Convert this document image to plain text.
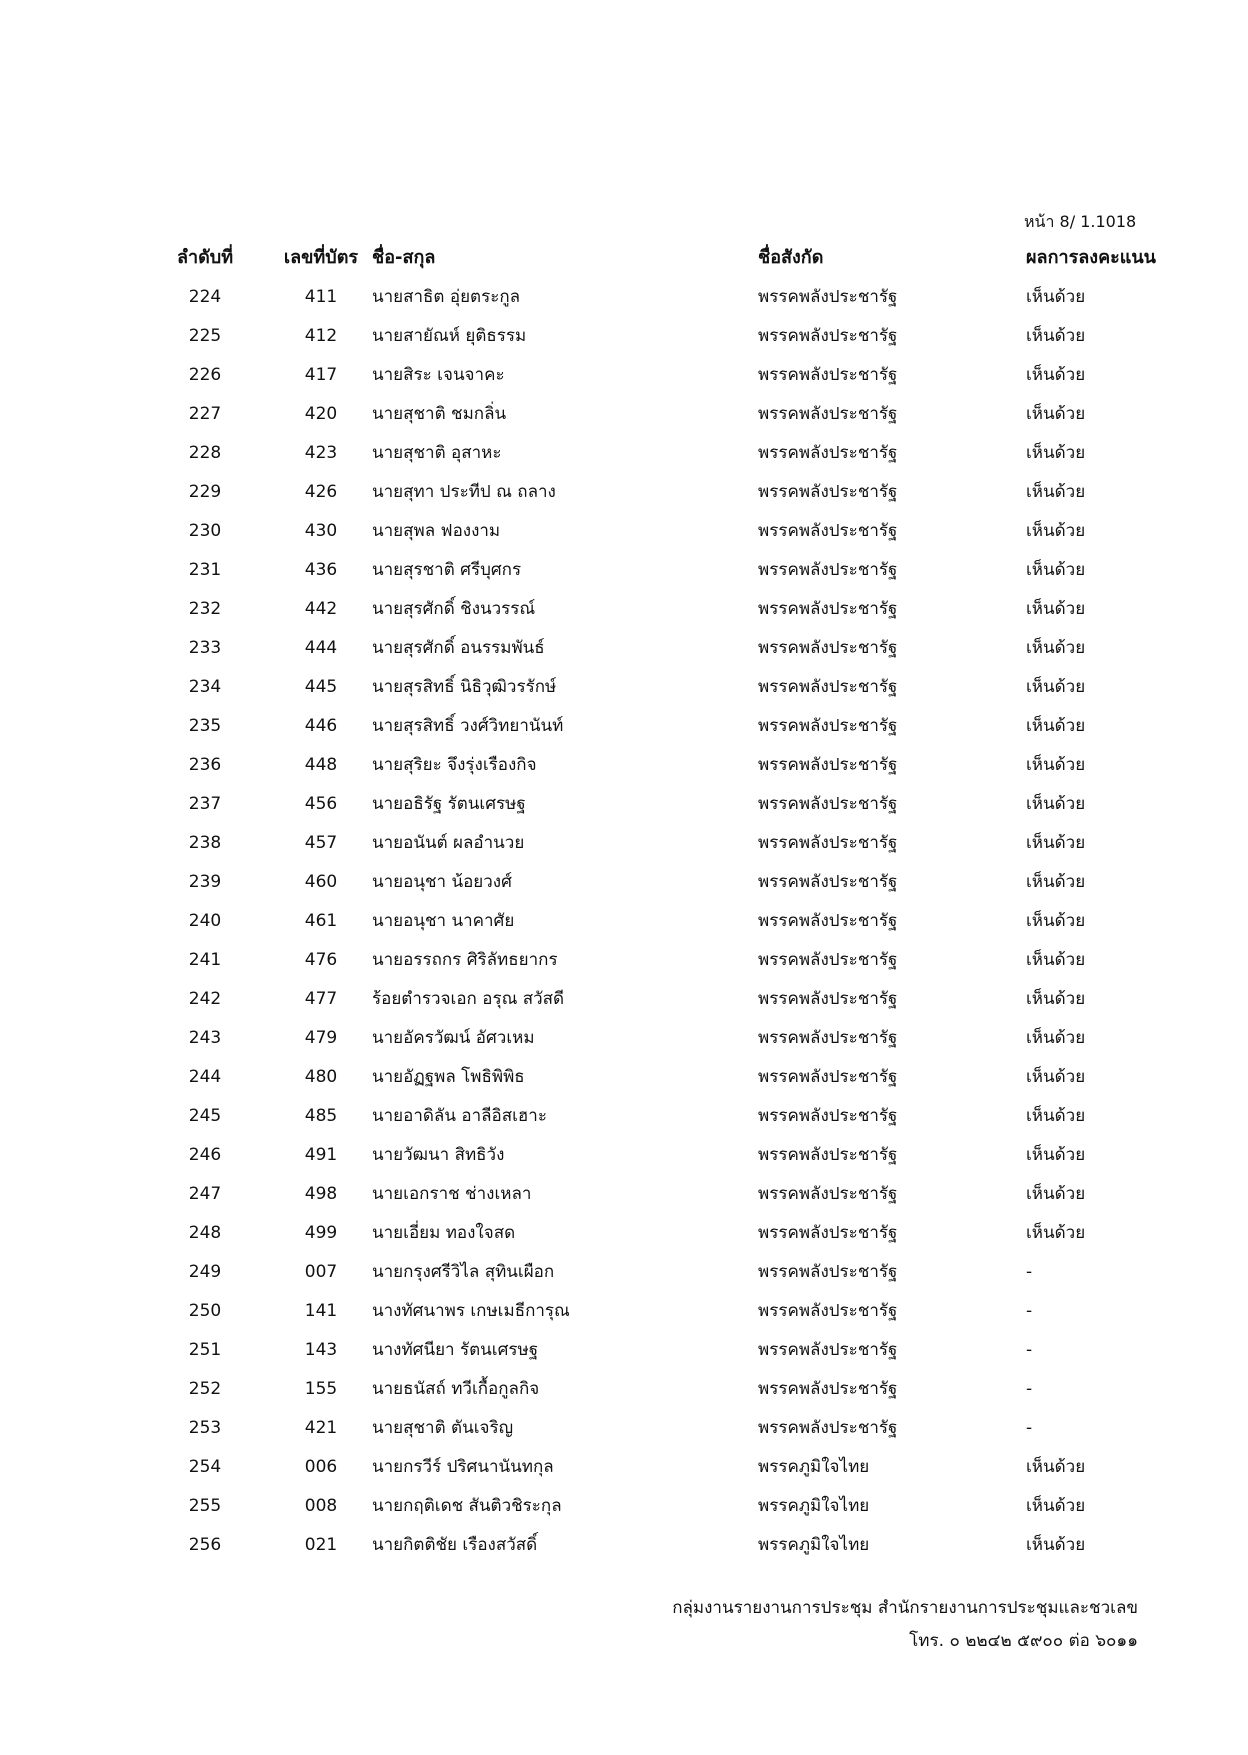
หน้า 8/ 1.1018
ลำดับที่	เลขที่บัตร ชื่อ-สกุล	ชื่อสังกัด	ผลการลงคะแนน
224	411	นายสาธิต อุ่ยตระกูล	พรรคพลังประชารัฐ	เห็นด้วย
225	412	นายสายัณห์ ยุติธรรม	พรรคพลังประชารัฐ	เห็นด้วย
226	417	นายสิระ เจนจาคะ	พรรคพลังประชารัฐ	เห็นด้วย
227	420	นายสุชาติ ชมกลิ่น	พรรคพลังประชารัฐ	เห็นด้วย
228	423	นายสุชาติ อุสาหะ	พรรคพลังประชารัฐ	เห็นด้วย
229	426	นายสุทา ประทีป ณ ถลาง	พรรคพลังประชารัฐ	เห็นด้วย
230	430	นายสุพล ฟองงาม	พรรคพลังประชารัฐ	เห็นด้วย
231	436	นายสุรชาติ ศรีบุศกร	พรรคพลังประชารัฐ	เห็นด้วย
232	442	นายสุรศักดิ์ ชิงนวรรณ์	พรรคพลังประชารัฐ	เห็นด้วย
233	444	นายสุรศักดิ์ อนรรมพันธ์	พรรคพลังประชารัฐ	เห็นด้วย
234	445	นายสุรสิทธิ์ นิธิวุฒิวรรักษ์	พรรคพลังประชารัฐ	เห็นด้วย
235	446	นายสุรสิทธิ์ วงศ์วิทยานันท์	พรรคพลังประชารัฐ	เห็นด้วย
236	448	นายสุริยะ จึงรุ่งเรืองกิจ	พรรคพลังประชารัฐ	เห็นด้วย
237	456	นายอธิรัฐ รัตนเศรษฐ	พรรคพลังประชารัฐ	เห็นด้วย
238	457	นายอนันต์ ผลอำนวย	พรรคพลังประชารัฐ	เห็นด้วย
239	460	นายอนุชา น้อยวงศ์	พรรคพลังประชารัฐ	เห็นด้วย
240	461	นายอนุชา นาคาศัย	พรรคพลังประชารัฐ	เห็นด้วย
241	476	นายอรรถกร ศิริลัทธยากร	พรรคพลังประชารัฐ	เห็นด้วย
242	477	ร้อยตำรวจเอก อรุณ สวัสดี	พรรคพลังประชารัฐ	เห็นด้วย
243	479	นายอัครวัฒน์ อัศวเหม	พรรคพลังประชารัฐ	เห็นด้วย
244	480	นายอัฏฐพล โพธิพิพิธ	พรรคพลังประชารัฐ	เห็นด้วย
245	485	นายอาดิลัน อาลีอิสเฮาะ	พรรคพลังประชารัฐ	เห็นด้วย
246	491	นายวัฒนา สิทธิวัง	พรรคพลังประชารัฐ	เห็นด้วย
247	498	นายเอกราช ช่างเหลา	พรรคพลังประชารัฐ	เห็นด้วย
248	499	นายเอี่ยม ทองใจสด	พรรคพลังประชารัฐ	เห็นด้วย
249	007	นายกรุงศรีวิไล สุทินเผือก	พรรคพลังประชารัฐ	-
250	141	นางทัศนาพร เกษเมธีการุณ	พรรคพลังประชารัฐ	-
251	143	นางทัศนียา รัตนเศรษฐ	พรรคพลังประชารัฐ	-
252	155	นายธนัสถ์ ทวีเกื้อกูลกิจ	พรรคพลังประชารัฐ	-
253	421	นายสุชาติ ตันเจริญ	พรรคพลังประชารัฐ	-
254	006	นายกรวีร์ ปริศนานันทกุล	พรรคภูมิใจไทย	เห็นด้วย
255	008	นายกฤติเดช สันติวชิระกุล	พรรคภูมิใจไทย	เห็นด้วย
256	021	นายกิตติชัย เรืองสวัสดิ์	พรรคภูมิใจไทย	เห็นด้วย
กลุ่มงานรายงานการประชุม สำนักรายงานการประชุมและชวเลข
โทร. ๐ ๒๒๔๒ ๕๙๐๐ ต่อ ๖๐๑๑
